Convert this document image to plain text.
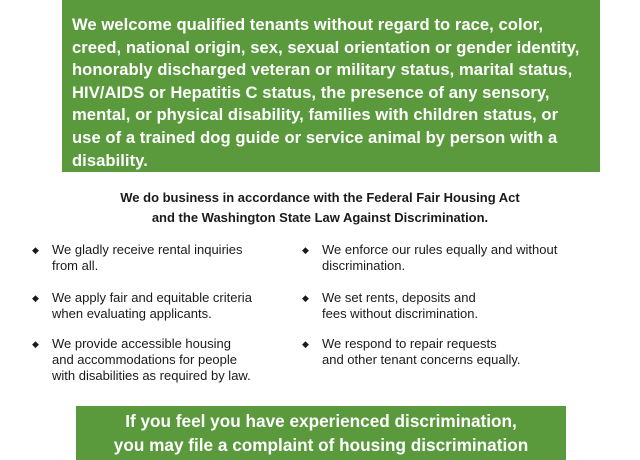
We welcome qualified tenants without regard to race, color, creed, national origin, sex, sexual orientation or gender identity, honorably discharged veteran or military status, marital status, HIV/AIDS or Hepatitis C status, the presence of any sensory, mental, or physical disability, families with children status, or use of a trained dog guide or service animal by person with a disability.
We do business in accordance with the Federal Fair Housing Act
and the Washington State Law Against Discrimination.
◆ We gladly receive rental inquiries
from all.
◆ We apply fair and equitable criteria
when evaluating applicants.
◆ We provide accessible housing
and accommodations for people
with disabilities as required by law.
◆ We enforce our rules equally and without
discrimination.
◆ We set rents, deposits and
fees without discrimination.
◆ We respond to repair requests
and other tenant concerns equally.
If you feel you have experienced discrimination,
you may file a complaint of housing discrimination
